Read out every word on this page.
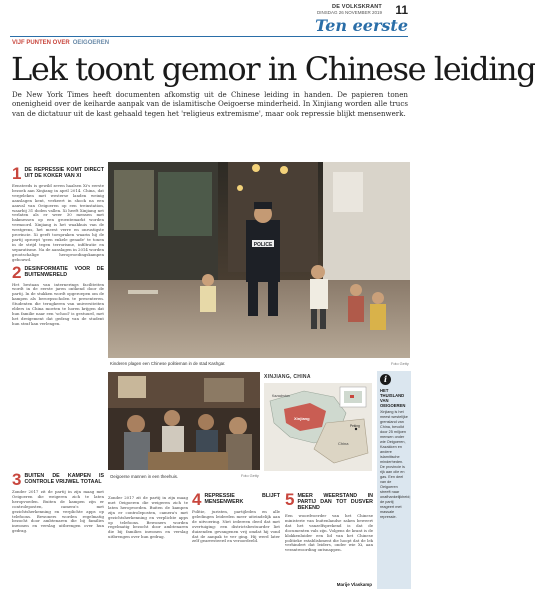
DE VOLKSKRANT
DINSDAG 26 NOVEMBER 2019 11
Ten eerste
VIJF PUNTEN OVER OEIGOEREN
Lek toont gemor in Chinese leiding

De New York Times heeft documenten afkomstig uit de Chinese leiding in handen. De papieren tonen onenigheid over de keiharde aanpak van de islamitische Oeigoerse minderheid. In Xinjiang worden alle trucs van de dictatuur uit de kast gehaald tegen het 'religieus extremisme', maar ook repressie blijkt mensenwerk.

1 DE REPRESSIE KOMT DIRECT UIT DE KOKER VAN XI

Eensteeds is gewild zeven haalsen Xi's eerste bezoek aan Xinjiang in april 2014. China, dat vergeleken met westerse landen weinig aanslagen kent, verkeert in shock na een aanval van Oeigoeren op een treinstation, waarbij 31 doden vallen. Xi heeft Xinjiang net verlaten als er weer 30 mensen met bakmessen op een groentemarkt worden vermoord. Xinjiang is het waakhuis van de westgrens, het meest verre en onrustigste provincie. Xi geeft toespraken waarin hij de partij oproept 'geen enkele genade' te tonen in de strijd tegen terrorisme, infiltratie en separatisme. Na de aanslagen in 2014 worden grootschalige heropvoedingskampen gebouwd.

2 DESINFORMATIE VOOR DE BUITENWERELD

Het bestaan van internerings faciliteiten wordt in de eerste jaren ontkend door de partij. In de stukken wordt opgeroepen om de kampen als beroepsscholen te presenteren. Studenten die terugkeren van universiteiten elders in China moeten te horen krijgen dat hun familie naar een 'school' is gestuurd, met het dreigement dat gedrag van de student hun straf kan verlengen.

3 BUITEN DE KAMPEN IS CONTROLE VRIJWEL TOTAAL

Zonder 2017 zit de partij in zijn maag met Oeigoeren die weigeren zich te laten heropvoeden. Buiten de kampen zijn er controleposten, camera's met gezichtsherkenning en verplichte apps op telefoons. Bewoners worden regelmatig bezocht door ambtenaren die bij families inwonen en verslag uitbrengen over hun gedrag.

Zonder 2017 zit de partij in zijn maag met Oeigoeren die weigeren zich te laten heropvoeden. Buiten de kampen zijn er controleposten, camera's met gezichtsherkenning en verplichte apps op telefoons. Bewoners worden regelmatig bezocht door ambtenaren die bij families inwonen en verslag uitbrengen over hun gedrag.

4 REPRESSIE BLIJFT MENSENWERK

Politie, juristen, partijleden en alle geledingen leiderden meer uiteindelijk aan de uitvoering. Niet iedereen deed dat met overtuiging: een districtsbestuurder liet duizenden gevangenen vrij omdat hij vond dat de aanpak te ver ging. Hij werd later zelf gearresteerd en veroordeeld.

5 MEER WEERSTAND IN PARTIJ DAN TOT DUSVER BEKEND

Een woordvoerder van het Chinese ministerie van buitenlandse zaken beweert dat het vanzelfsprekend is dat de documenten vals zijn. Volgens de krant is de klokkenluider een lid van het Chinese politieke establishment die hoopt dat de lek verhindert dat leiders, onder wie Xi, aan verantwoording ontsnappen.

POLICE
Kinderen plagen een Chinese politieman in de stad Kashgar.	Foto Getty
Oeigoerse mannen in een theehuis.	Foto Getty
XINJIANG, CHINA
Kazachstan
Xinjiang
China
Peking
i
HET THUISLAND VAN OEIGOEREN
Xinjiang is het meest westelijke grensland van China, bevolkt door 25 miljoen mensen onder wie Oeigoeren, Kazakken en andere islamitische minderheden. De provincie is rijk aan olie en gas. Een deel van de Oeigoeren streeft naar onafhankelijkheid; de partij reageert met massale repressie.
Marije Vlaskamp
